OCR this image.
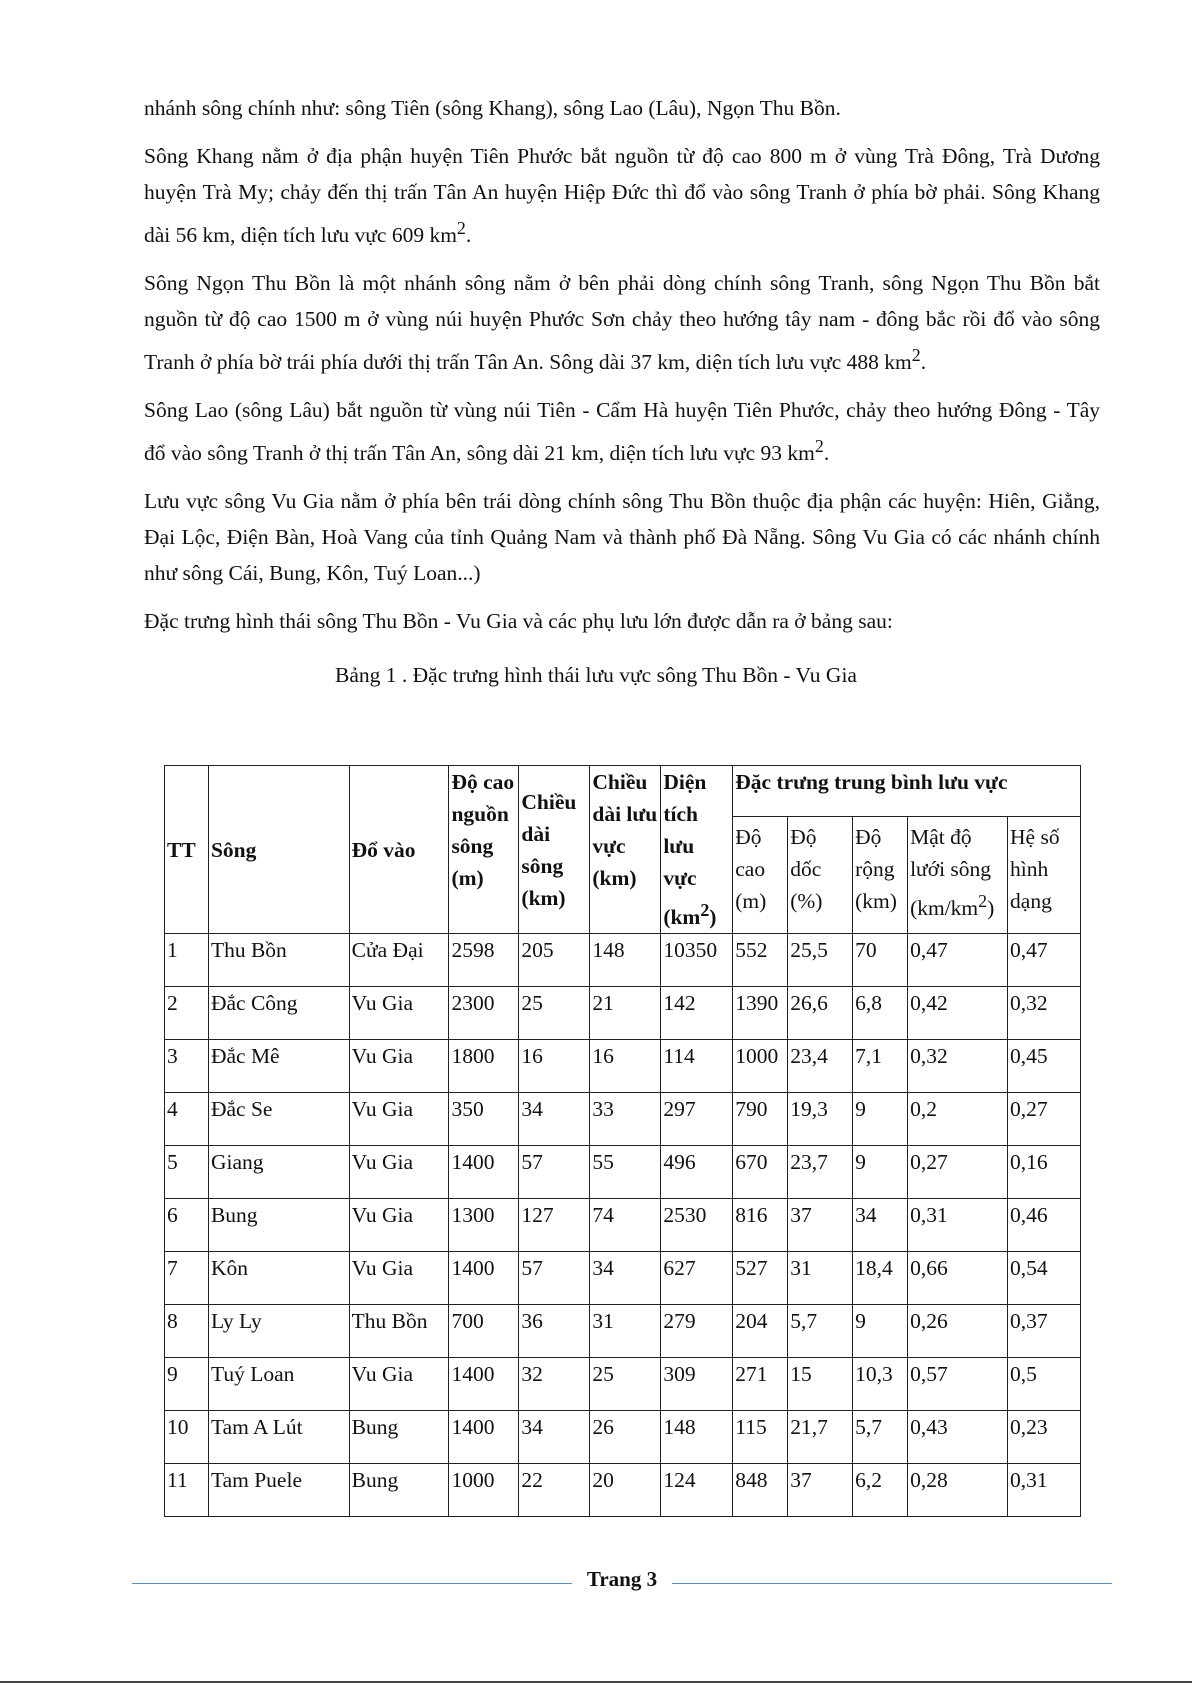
nhánh sông chính như: sông Tiên (sông Khang), sông Lao (Lâu), Ngọn Thu Bồn.

Sông Khang nằm ở địa phận huyện Tiên Phước bắt nguồn từ độ cao 800 m ở vùng Trà Đông, Trà Dương huyện Trà My; chảy đến thị trấn Tân An huyện Hiệp Đức thì đổ vào sông Tranh ở phía bờ phải. Sông Khang dài 56 km, diện tích lưu vực 609 $km^2$.

Sông Ngọn Thu Bồn là một nhánh sông nằm ở bên phải dòng chính sông Tranh, sông Ngọn Thu Bồn bắt nguồn từ độ cao 1500 m ở vùng núi huyện Phước Sơn chảy theo hướng tây nam - đông bắc rồi đổ vào sông Tranh ở phía bờ trái phía dưới thị trấn Tân An. Sông dài 37 km, diện tích lưu vực 488 $km^2$.

Sông Lao (sông Lâu) bắt nguồn từ vùng núi Tiên - Cẩm Hà huyện Tiên Phước, chảy theo hướng Đông - Tây đổ vào sông Tranh ở thị trấn Tân An, sông dài 21 km, diện tích lưu vực 93 $km^2$.

Lưu vực sông Vu Gia nằm ở phía bên trái dòng chính sông Thu Bồn thuộc địa phận các huyện: Hiên, Giằng, Đại Lộc, Điện Bàn, Hoà Vang của tỉnh Quảng Nam và thành phố Đà Nẵng. Sông Vu Gia có các nhánh chính như sông Cái, Bung, Kôn, Tuý Loan...)

Đặc trưng hình thái sông Thu Bồn - Vu Gia và các phụ lưu lớn được dẫn ra ở bảng sau:

Bảng 1 . Đặc trưng hình thái lưu vực sông Thu Bồn - Vu Gia
TT	Sông	Đổ vào	Độ cao nguồn sông (m)	Chiều dài sông (km)	Chiều dài lưu vực (km)	Diện tích lưu vực $(km^2)$	Đặc trưng trung bình lưu vực				
							Độ cao (m)	Độ dốc (%)	Độ rộng (km)	Mật độ lưới sông $(km/km^2)$	Hệ số hình dạng
1	Thu Bồn	Cửa Đại	2598	205	148	10350	552	25,5	70	0,47	0,47
2	Đắc Công	Vu Gia	2300	25	21	142	1390	26,6	6,8	0,42	0,32
3	Đắc Mê	Vu Gia	1800	16	16	114	1000	23,4	7,1	0,32	0,45
4	Đắc Se	Vu Gia	350	34	33	297	790	19,3	9	0,2	0,27
5	Giang	Vu Gia	1400	57	55	496	670	23,7	9	0,27	0,16
6	Bung	Vu Gia	1300	127	74	2530	816	37	34	0,31	0,46
7	Kôn	Vu Gia	1400	57	34	627	527	31	18,4	0,66	0,54
8	Ly Ly	Thu Bồn	700	36	31	279	204	5,7	9	0,26	0,37
9	Tuý Loan	Vu Gia	1400	32	25	309	271	15	10,3	0,57	0,5
10	Tam A Lút	Bung	1400	34	26	148	115	21,7	5,7	0,43	0,23
11	Tam Puele	Bung	1000	22	20	124	848	37	6,2	0,28	0,31
Trang 3
